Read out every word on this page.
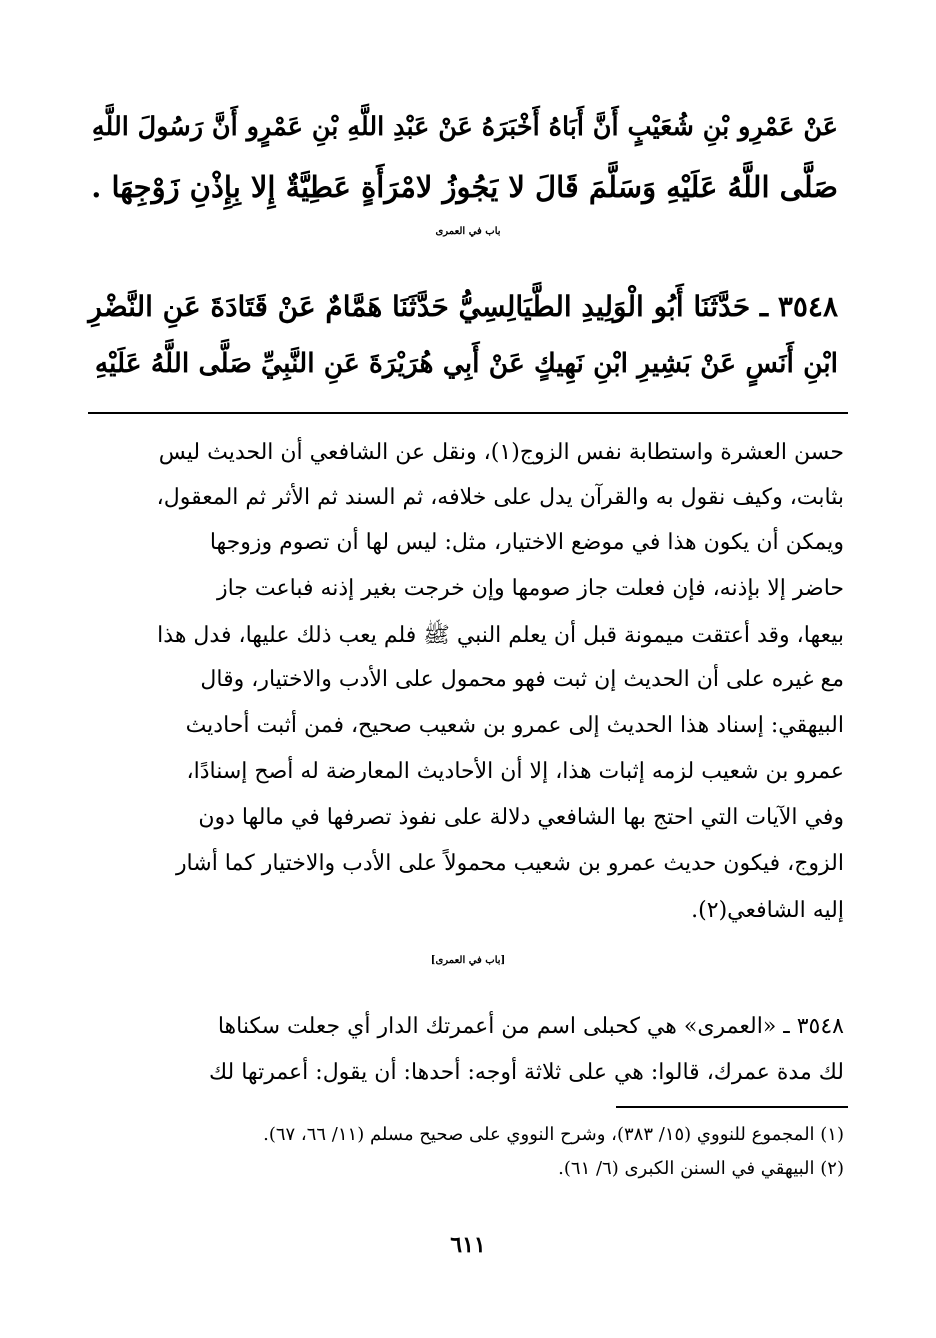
عَنْ عَمْرِو بْنِ شُعَيْبٍ أَنَّ أَبَاهُ أَخْبَرَهُ عَنْ عَبْدِ اللَّهِ بْنِ عَمْرٍو أَنَّ رَسُولَ اللَّهِ
صَلَّى اللَّهُ عَلَيْهِ وَسَلَّمَ قَالَ لا يَجُوزُ لامْرَأَةٍ عَطِيَّةٌ إِلا بِإِذْنِ زَوْجِهَا .
باب في العمرى
٣٥٤٨ ـ حَدَّثَنَا أَبُو الْوَلِيدِ الطَّيَالِسِيُّ حَدَّثَنَا هَمَّامٌ عَنْ قَتَادَةَ عَنِ النَّضْرِ
ابْنِ أَنَسٍ عَنْ بَشِيرِ ابْنِ نَهِيكٍ عَنْ أَبِي هُرَيْرَةَ عَنِ النَّبِيِّ صَلَّى اللَّهُ عَلَيْهِ
حسن العشرة واستطابة نفس الزوج(١)، ونقل عن الشافعي أن الحديث ليس
بثابت، وكيف نقول به والقرآن يدل على خلافه، ثم السند ثم الأثر ثم المعقول،
ويمكن أن يكون هذا في موضع الاختيار، مثل: ليس لها أن تصوم وزوجها
حاضر إلا بإذنه، فإن فعلت جاز صومها وإن خرجت بغير إذنه فباعت جاز
بيعها، وقد أعتقت ميمونة قبل أن يعلم النبي ﷺ فلم يعب ذلك عليها، فدل هذا
مع غيره على أن الحديث إن ثبت فهو محمول على الأدب والاختيار، وقال
البيهقي: إسناد هذا الحديث إلى عمرو بن شعيب صحيح، فمن أثبت أحاديث
عمرو بن شعيب لزمه إثبات هذا، إلا أن الأحاديث المعارضة له أصح إسنادًا،
وفي الآيات التي احتج بها الشافعي دلالة على نفوذ تصرفها في مالها دون
الزوج، فيكون حديث عمرو بن شعيب محمولاً على الأدب والاختيار كما أشار
إليه الشافعي(٢).
[باب في العمرى]
٣٥٤٨ ـ «العمرى» هي كحبلى اسم من أعمرتك الدار أي جعلت سكناها
لك مدة عمرك، قالوا: هي على ثلاثة أوجه: أحدها: أن يقول: أعمرتها لك
(١) المجموع للنووي (١٥/ ٣٨٣)، وشرح النووي على صحيح مسلم (١١/ ٦٦، ٦٧).
(٢) البيهقي في السنن الكبرى (٦/ ٦١).
٦١١
